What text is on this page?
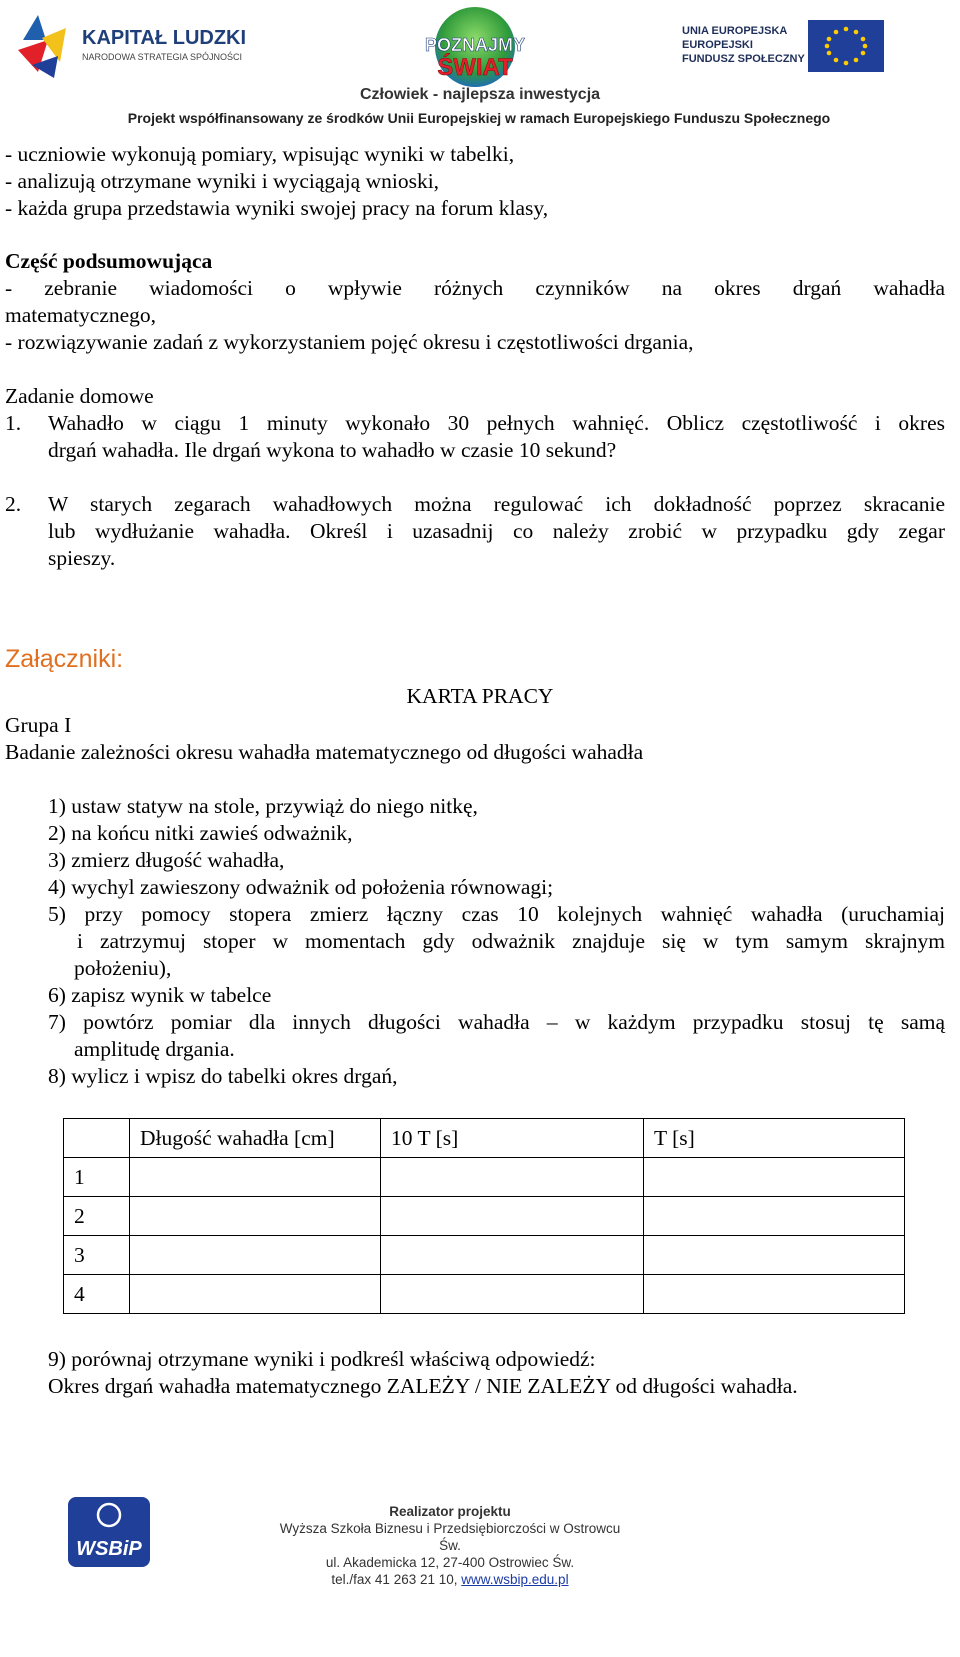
KAPITAŁ LUDZKI
NARODOWA STRATEGIA SPÓJNOŚCI
POZNAJMY
ŚWIAT
UNIA EUROPEJSKA
EUROPEJSKI
FUNDUSZ SPOŁECZNY
Człowiek - najlepsza inwestycja
Projekt współfinansowany ze środków Unii Europejskiej w ramach Europejskiego Funduszu Społecznego
- uczniowie wykonują pomiary, wpisując wyniki w tabelki,
- analizują otrzymane wyniki i wyciągają wnioski,
- każda grupa przedstawia wyniki swojej pracy na forum klasy,
Część podsumowująca
- zebranie wiadomości o wpływie różnych czynników na okres drgań wahadła
matematycznego,
- rozwiązywanie zadań z wykorzystaniem pojęć okresu i częstotliwości drgania,
Zadanie domowe
1. Wahadło w ciągu 1 minuty wykonało 30 pełnych wahnięć. Oblicz częstotliwość i okres
drgań wahadła. Ile drgań wykona to wahadło w czasie 10 sekund?
2. W starych zegarach wahadłowych można regulować ich dokładność poprzez skracanie
lub wydłużanie wahadła. Określ i uzasadnij co należy zrobić w przypadku gdy zegar
spieszy.
Załączniki:
KARTA PRACY
Grupa I
Badanie zależności okresu wahadła matematycznego od długości wahadła
1) ustaw statyw na stole, przywiąż do niego nitkę,
2) na końcu nitki zawieś odważnik,
3) zmierz długość wahadła,
4) wychyl zawieszony odważnik od położenia równowagi;
5) przy pomocy stopera zmierz łączny czas 10 kolejnych wahnięć wahadła (uruchamiaj
i zatrzymuj stoper w momentach gdy odważnik znajduje się w tym samym skrajnym
położeniu),
6) zapisz wynik w tabelce
7) powtórz pomiar dla innych długości wahadła – w każdym przypadku stosuj tę samą
amplitudę drgania.
8) wylicz i wpisz do tabelki okres drgań,
	Długość wahadła [cm]	10 T [s]	T [s]
1			
2			
3			
4			
9) porównaj otrzymane wyniki i podkreśl właściwą odpowiedź:
Okres drgań wahadła matematycznego ZALEŻY / NIE ZALEŻY od długości wahadła.
WSBiP
Realizator projektu
Wyższa Szkoła Biznesu i Przedsiębiorczości w Ostrowcu Św.
ul. Akademicka 12, 27-400 Ostrowiec Św.
tel./fax 41 263 21 10, www.wsbip.edu.pl
